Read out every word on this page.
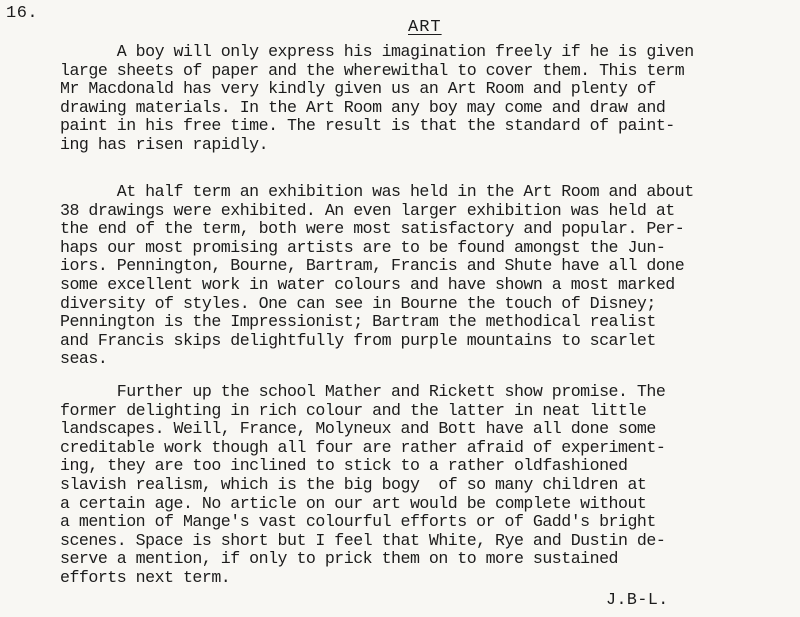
16.
ART

A boy will only express his imagination freely if he is given
large sheets of paper and the wherewithal to cover them. This term
Mr Macdonald has very kindly given us an Art Room and plenty of
drawing materials. In the Art Room any boy may come and draw and
paint in his free time. The result is that the standard of paint-
ing has risen rapidly.

At half term an exhibition was held in the Art Room and about
38 drawings were exhibited. An even larger exhibition was held at
the end of the term, both were most satisfactory and popular. Per-
haps our most promising artists are to be found amongst the Jun-
iors. Pennington, Bourne, Bartram, Francis and Shute have all done
some excellent work in water colours and have shown a most marked
diversity of styles. One can see in Bourne the touch of Disney;
Pennington is the Impressionist; Bartram the methodical realist
and Francis skips delightfully from purple mountains to scarlet
seas.

Further up the school Mather and Rickett show promise. The
former delighting in rich colour and the latter in neat little
landscapes. Weill, France, Molyneux and Bott have all done some
creditable work though all four are rather afraid of experiment-
ing, they are too inclined to stick to a rather oldfashioned
slavish realism, which is the big bogy  of so many children at
a certain age. No article on our art would be complete without
a mention of Mange's vast colourful efforts or of Gadd's bright
scenes. Space is short but I feel that White, Rye and Dustin de-
serve a mention, if only to prick them on to more sustained
efforts next term.

J.B-L.
